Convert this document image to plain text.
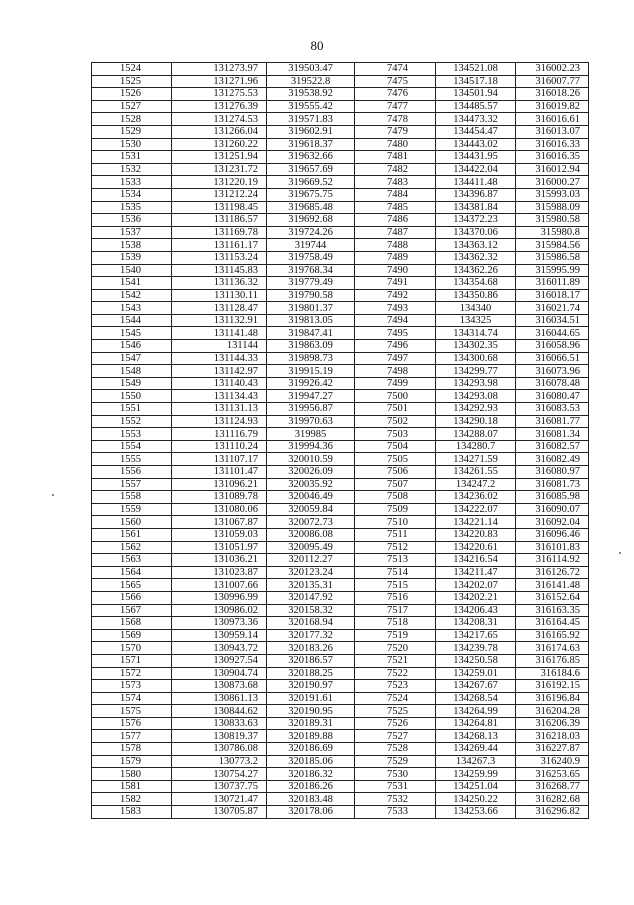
80
1524	131273.97	319503.47	7474	134521.08	316002.23
1525	131271.96	319522.8	7475	134517.18	316007.77
1526	131275.53	319538.92	7476	134501.94	316018.26
1527	131276.39	319555.42	7477	134485.57	316019.82
1528	131274.53	319571.83	7478	134473.32	316016.61
1529	131266.04	319602.91	7479	134454.47	316013.07
1530	131260.22	319618.37	7480	134443.02	316016.33
1531	131251.94	319632.66	7481	134431.95	316016.35
1532	131231.72	319657.69	7482	134422.04	316012.94
1533	131220.19	319669.52	7483	134411.48	316000.27
1534	131212.24	319675.75	7484	134396.87	315993.03
1535	131198.45	319685.48	7485	134381.84	315988.09
1536	131186.57	319692.68	7486	134372.23	315980.58
1537	131169.78	319724.26	7487	134370.06	315980.8
1538	131161.17	319744	7488	134363.12	315984.56
1539	131153.24	319758.49	7489	134362.32	315986.58
1540	131145.83	319768.34	7490	134362.26	315995.99
1541	131136.32	319779.49	7491	134354.68	316011.89
1542	131130.11	319790.58	7492	134350.86	316018.17
1543	131128.47	319801.37	7493	134340	316021.74
1544	131132.91	319813.05	7494	134325	316034.51
1545	131141.48	319847.41	7495	134314.74	316044.65
1546	131144	319863.09	7496	134302.35	316058.96
1547	131144.33	319898.73	7497	134300.68	316066.51
1548	131142.97	319915.19	7498	134299.77	316073.96
1549	131140.43	319926.42	7499	134293.98	316078.48
1550	131134.43	319947.27	7500	134293.08	316080.47
1551	131131.13	319956.87	7501	134292.93	316083.53
1552	131124.93	319970.63	7502	134290.18	316081.77
1553	131116.79	319985	7503	134288.07	316081.34
1554	131110.24	319994.36	7504	134280.7	316082.57
1555	131107.17	320010.59	7505	134271.59	316082.49
1556	131101.47	320026.09	7506	134261.55	316080.97
1557	131096.21	320035.92	7507	134247.2	316081.73
1558	131089.78	320046.49	7508	134236.02	316085.98
1559	131080.06	320059.84	7509	134222.07	316090.07
1560	131067.87	320072.73	7510	134221.14	316092.04
1561	131059.03	320086.08	7511	134220.83	316096.46
1562	131051.97	320095.49	7512	134220.61	316101.83
1563	131036.21	320112.27	7513	134216.54	316114.92
1564	131023.87	320123.24	7514	134211.47	316126.72
1565	131007.66	320135.31	7515	134202.07	316141.48
1566	130996.99	320147.92	7516	134202.21	316152.64
1567	130986.02	320158.32	7517	134206.43	316163.35
1568	130973.36	320168.94	7518	134208.31	316164.45
1569	130959.14	320177.32	7519	134217.65	316165.92
1570	130943.72	320183.26	7520	134239.78	316174.63
1571	130927.54	320186.57	7521	134250.58	316176.85
1572	130904.74	320188.25	7522	134259.01	316184.6
1573	130873.68	320190.97	7523	134267.67	316192.15
1574	130861.13	320191.61	7524	134268.54	316196.84
1575	130844.62	320190.95	7525	134264.99	316204.28
1576	130833.63	320189.31	7526	134264.81	316206.39
1577	130819.37	320189.88	7527	134268.13	316218.03
1578	130786.08	320186.69	7528	134269.44	316227.87
1579	130773.2	320185.06	7529	134267.3	316240.9
1580	130754.27	320186.32	7530	134259.99	316253.65
1581	130737.75	320186.26	7531	134251.04	316268.77
1582	130721.47	320183.48	7532	134250.22	316282.68
1583	130705.87	320178.06	7533	134253.66	316296.82
